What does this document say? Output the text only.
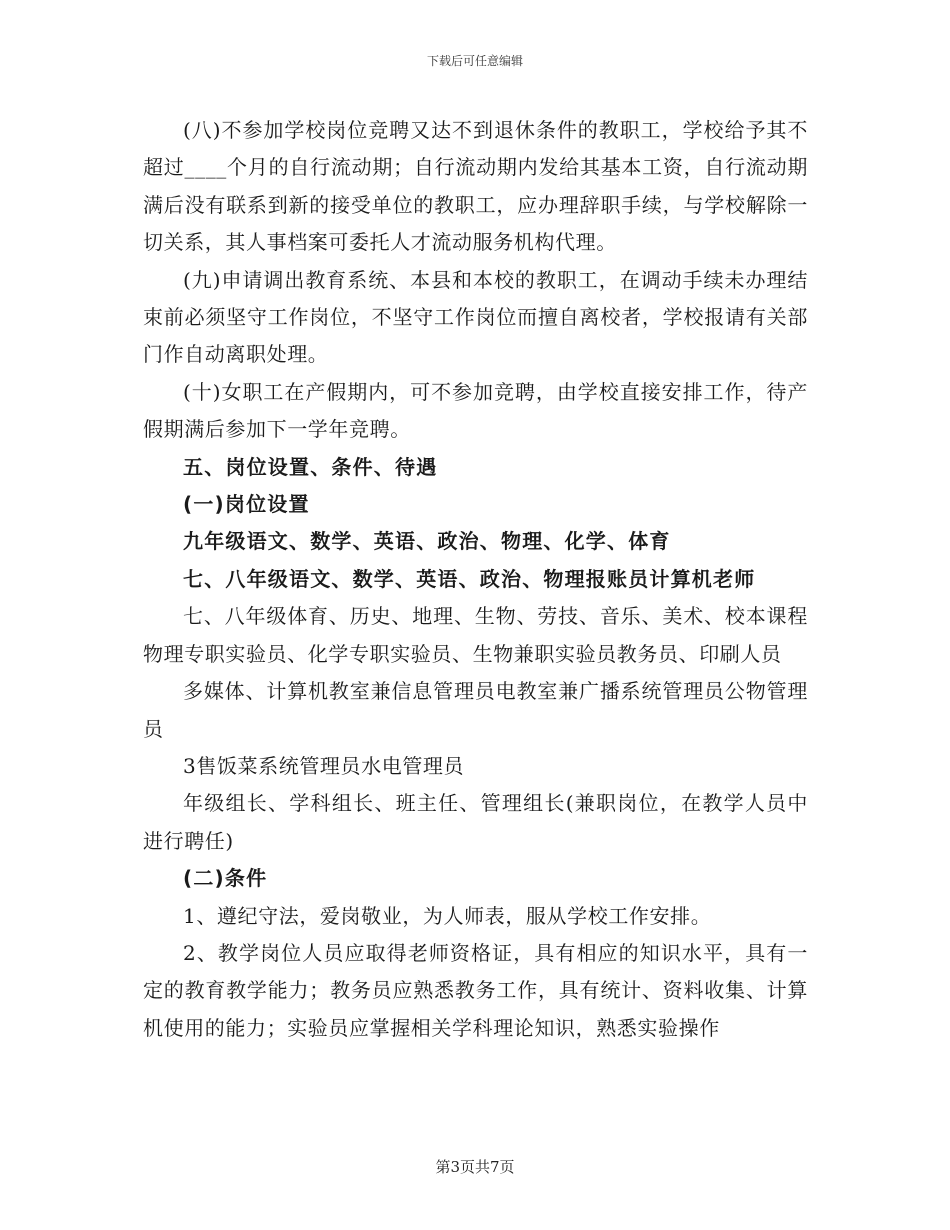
下载后可任意编辑

(八)不参加学校岗位竞聘又达不到退休条件的教职工，学校给予其不超过____个月的自行流动期；自行流动期内发给其基本工资，自行流动期满后没有联系到新的接受单位的教职工，应办理辞职手续，与学校解除一切关系，其人事档案可委托人才流动服务机构代理。

(九)申请调出教育系统、本县和本校的教职工，在调动手续未办理结束前必须坚守工作岗位，不坚守工作岗位而擅自离校者，学校报请有关部门作自动离职处理。

(十)女职工在产假期内，可不参加竞聘，由学校直接安排工作，待产假期满后参加下一学年竞聘。

五、岗位设置、条件、待遇

(一)岗位设置

九年级语文、数学、英语、政治、物理、化学、体育

七、八年级语文、数学、英语、政治、物理报账员计算机老师

七、八年级体育、历史、地理、生物、劳技、音乐、美术、校本课程物理专职实验员、化学专职实验员、生物兼职实验员教务员、印刷人员

多媒体、计算机教室兼信息管理员电教室兼广播系统管理员公物管理员

3售饭菜系统管理员水电管理员

年级组长、学科组长、班主任、管理组长(兼职岗位，在教学人员中进行聘任)

(二)条件

1、遵纪守法，爱岗敬业，为人师表，服从学校工作安排。

2、教学岗位人员应取得老师资格证，具有相应的知识水平，具有一定的教育教学能力；教务员应熟悉教务工作，具有统计、资料收集、计算机使用的能力；实验员应掌握相关学科理论知识，熟悉实验操作

第3页共7页
